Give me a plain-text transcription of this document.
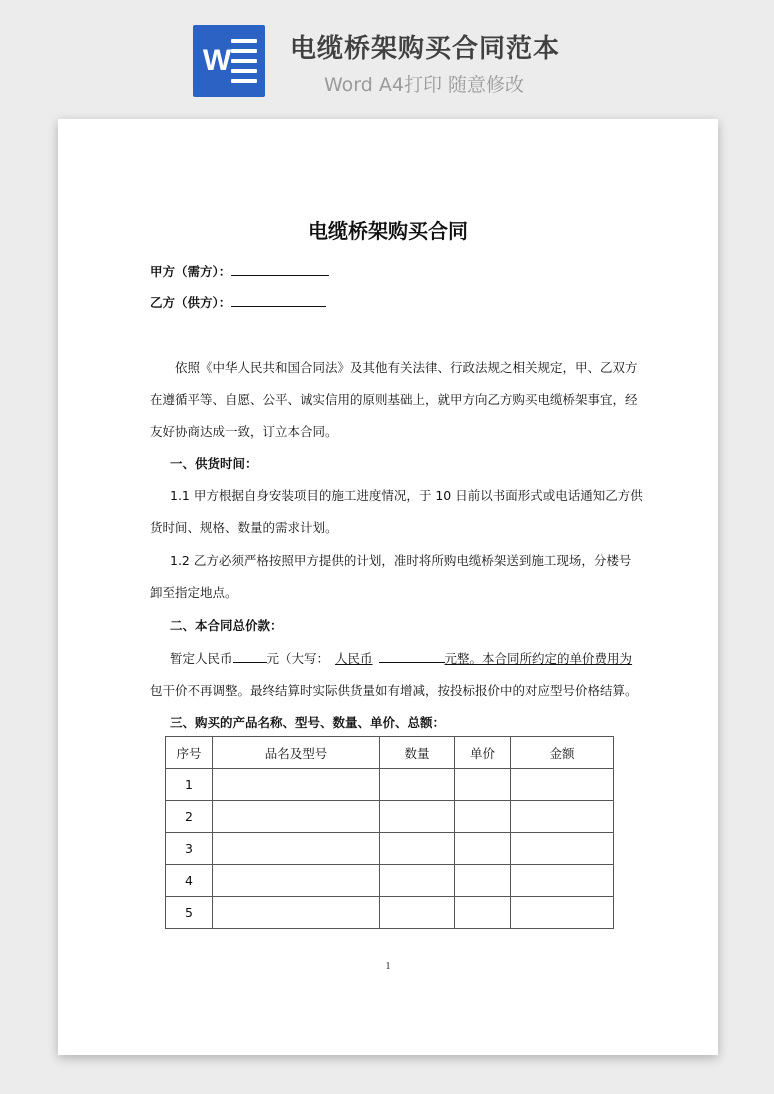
W 电缆桥架购买合同范本
Word A4打印 随意修改
电缆桥架购买合同
甲方（需方）：
乙方（供方）：
依照《中华人民共和国合同法》及其他有关法律、行政法规之相关规定，甲、乙双方
在遵循平等、自愿、公平、诚实信用的原则基础上，就甲方向乙方购买电缆桥架事宜，经
友好协商达成一致，订立本合同。
一、供货时间：
1.1 甲方根据自身安装项目的施工进度情况，于 10 日前以书面形式或电话通知乙方供
货时间、规格、数量的需求计划。
1.2 乙方必须严格按照甲方提供的计划，准时将所购电缆桥架送到施工现场，分楼号
卸至指定地点。
二、本合同总价款：
暂定人民币	元（大写： 人民币	元整。本合同所约定的单价费用为
包干价不再调整。最终结算时实际供货量如有增减，按投标报价中的对应型号价格结算。
三、购买的产品名称、型号、数量、单价、总额：
序号	品名及型号	数量	单价	金额
1				
2				
3				
4				
5				
1
